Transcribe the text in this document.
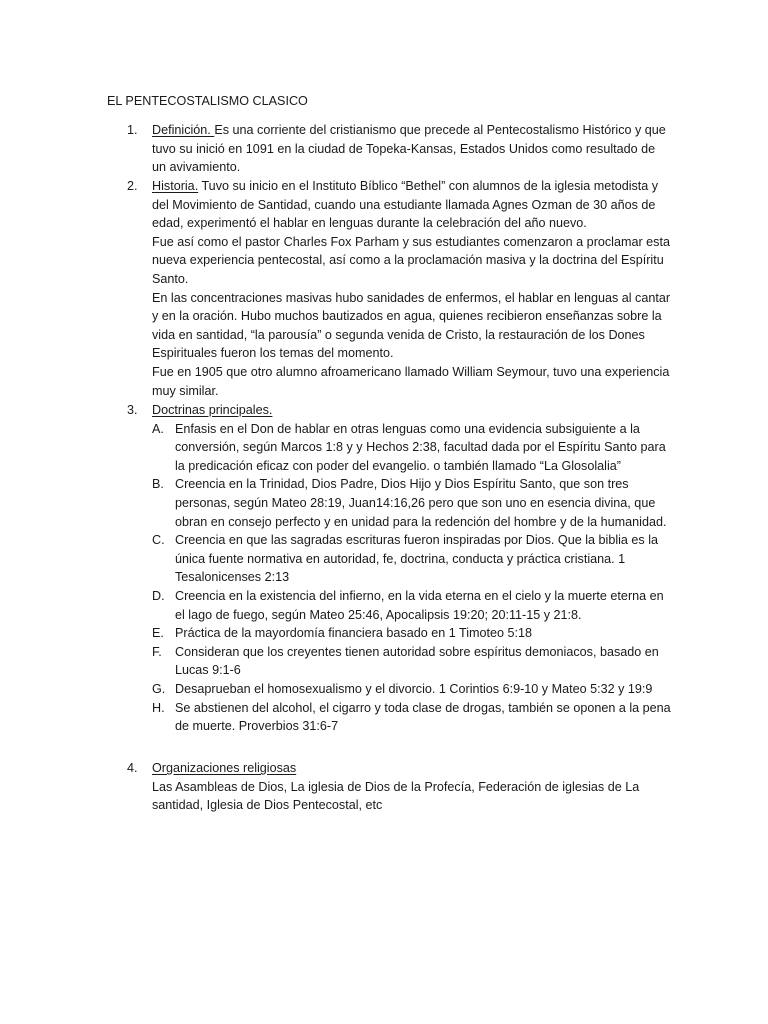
EL PENTECOSTALISMO CLASICO
1. Definición. Es una corriente del cristianismo que precede al Pentecostalismo Histórico y que tuvo su inició en 1091 en la ciudad de Topeka-Kansas, Estados Unidos como resultado de un avivamiento.

2. Historia. Tuvo su inicio en el Instituto Bíblico “Bethel” con alumnos de la iglesia metodista y del Movimiento de Santidad, cuando una estudiante llamada Agnes Ozman de 30 años de edad, experimentó el hablar en lenguas durante la celebración del año nuevo.

Fue así como el pastor Charles Fox Parham y sus estudiantes comenzaron a proclamar esta nueva experiencia pentecostal, así como a la proclamación masiva y la doctrina del Espíritu Santo.

En las concentraciones masivas hubo sanidades de enfermos, el hablar en lenguas al cantar y en la oración. Hubo muchos bautizados en agua, quienes recibieron enseñanzas sobre la vida en santidad, “la parousía” o segunda venida de Cristo, la restauración de los Dones Espirituales fueron los temas del momento.

Fue en 1905 que otro alumno afroamericano llamado William Seymour, tuvo una experiencia muy similar.

3. Doctrinas principales.

A. Enfasis en el Don de hablar en otras lenguas como una evidencia subsiguiente a la conversión, según Marcos 1:8 y y Hechos 2:38, facultad dada por el Espíritu Santo para la predicación eficaz con poder del evangelio. o también llamado “La Glosolalia”

B. Creencia en la Trinidad, Dios Padre, Dios Hijo y Dios Espíritu Santo, que son tres personas, según Mateo 28:19, Juan14:16,26 pero que son uno en esencia divina, que obran en consejo perfecto y en unidad para la redención del hombre y de la humanidad.

C. Creencia en que las sagradas escrituras fueron inspiradas por Dios. Que la biblia es la única fuente normativa en autoridad, fe, doctrina, conducta y práctica cristiana. 1 Tesalonicenses 2:13

D. Creencia en la existencia del infierno, en la vida eterna en el cielo y la muerte eterna en el lago de fuego, según Mateo 25:46, Apocalipsis 19:20; 20:11-15 y 21:8.

E. Práctica de la mayordomía financiera basado en 1 Timoteo 5:18

F. Consideran que los creyentes tienen autoridad sobre espíritus demoniacos, basado en Lucas 9:1-6

G. Desaprueban el homosexualismo y el divorcio. 1 Corintios 6:9-10 y Mateo 5:32 y 19:9

H. Se abstienen del alcohol, el cigarro y toda clase de drogas, también se oponen a la pena de muerte. Proverbios 31:6-7

4. Organizaciones religiosas

Las Asambleas de Dios, La iglesia de Dios de la Profecía, Federación de iglesias de La santidad, Iglesia de Dios Pentecostal, etc
